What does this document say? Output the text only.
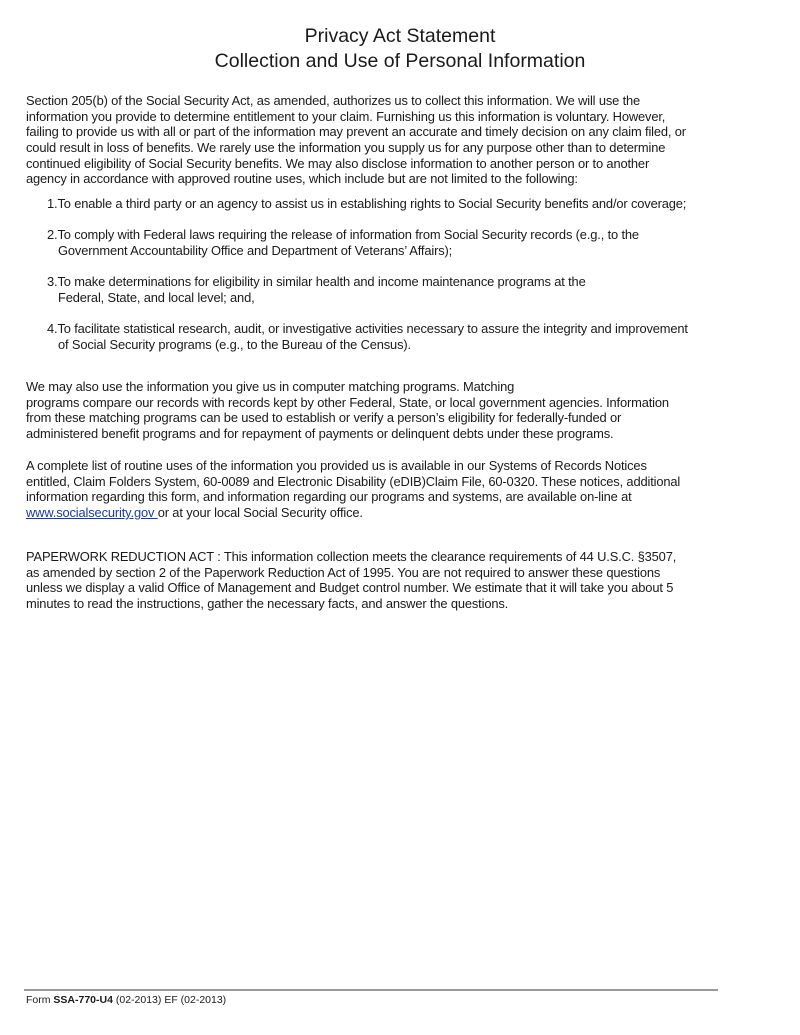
Privacy Act Statement
Collection and Use of Personal Information
Section 205(b) of the Social Security Act, as amended, authorizes us to collect this information. We will use the
information you provide to determine entitlement to your claim. Furnishing us this information is voluntary. However,
failing to provide us with all or part of the information may prevent an accurate and timely decision on any claim filed, or
could result in loss of benefits. We rarely use the information you supply us for any purpose other than to determine
continued eligibility of Social Security benefits. We may also disclose information to another person or to another
agency in accordance with approved routine uses, which include but are not limited to the following:
1.To enable a third party or an agency to assist us in establishing rights to Social Security benefits and/or coverage;
2.To comply with Federal laws requiring the release of information from Social Security records (e.g., to the
Government Accountability Office and Department of Veterans’ Affairs);
3.To make determinations for eligibility in similar health and income maintenance programs at the
Federal, State, and local level; and,
4.To facilitate statistical research, audit, or investigative activities necessary to assure the integrity and improvement
of Social Security programs (e.g., to the Bureau of the Census).
We may also use the information you give us in computer matching programs. Matching
programs compare our records with records kept by other Federal, State, or local government agencies. Information
from these matching programs can be used to establish or verify a person’s eligibility for federally-funded or
administered benefit programs and for repayment of payments or delinquent debts under these programs.
A complete list of routine uses of the information you provided us is available in our Systems of Records Notices
entitled, Claim Folders System, 60-0089 and Electronic Disability (eDIB)Claim File, 60-0320. These notices, additional
information regarding this form, and information regarding our programs and systems, are available on-line at
www.socialsecurity.gov or at your local Social Security office.
PAPERWORK REDUCTION ACT : This information collection meets the clearance requirements of 44 U.S.C. §3507,
as amended by section 2 of the Paperwork Reduction Act of 1995. You are not required to answer these questions
unless we display a valid Office of Management and Budget control number. We estimate that it will take you about 5
minutes to read the instructions, gather the necessary facts, and answer the questions.
Form SSA-770-U4 (02-2013) EF (02-2013)
